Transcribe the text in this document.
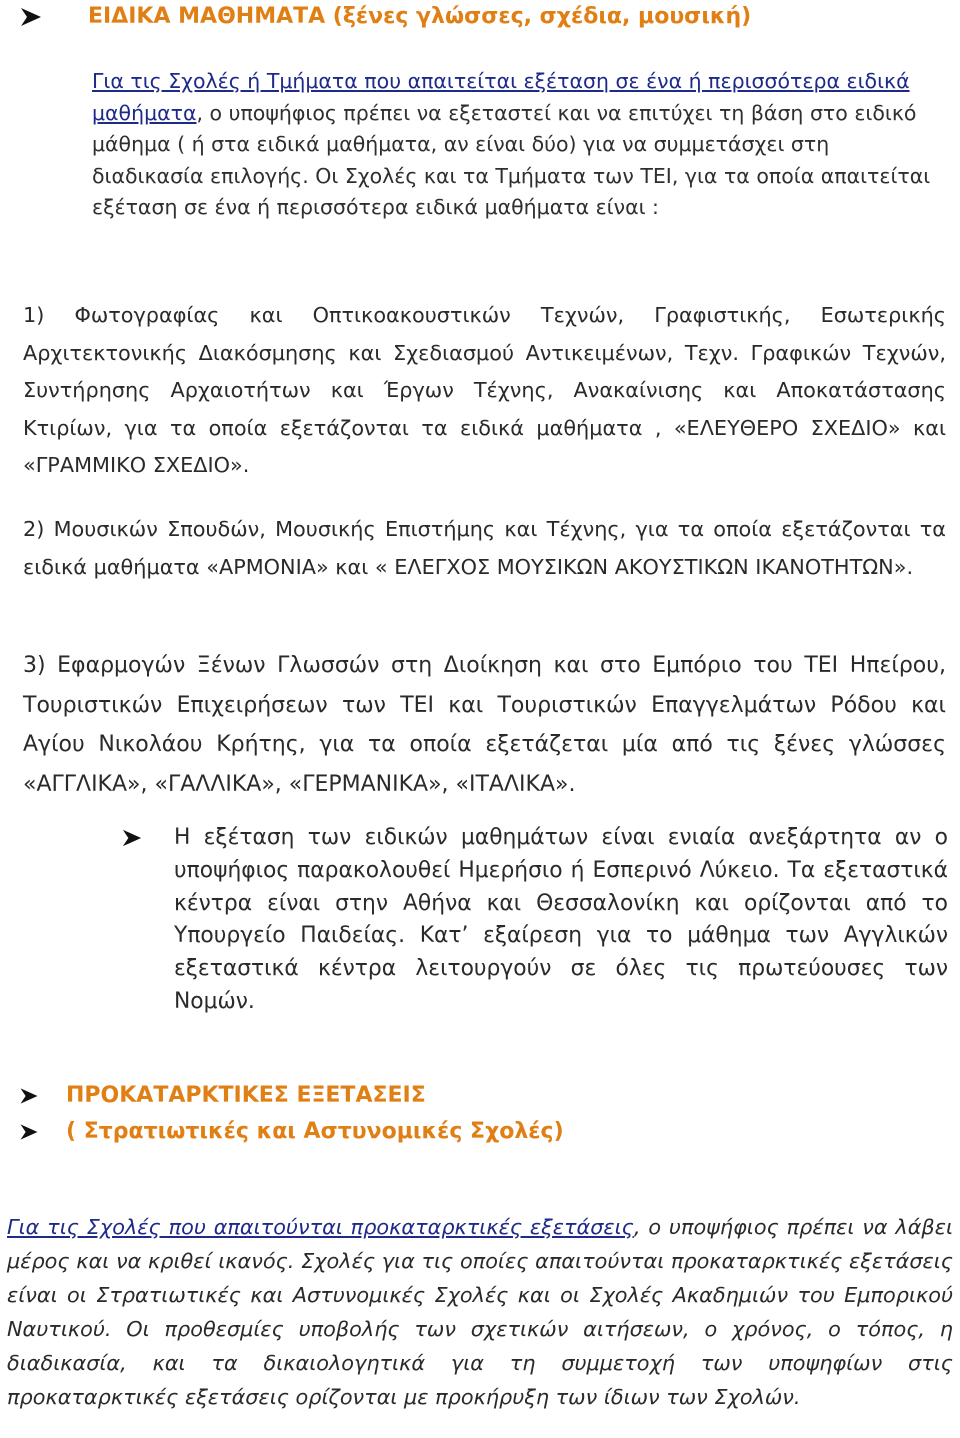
ΕΙΔΙΚΑ ΜΑΘΗΜΑΤΑ (ξένες γλώσσες, σχέδια, μουσική)
Για τις Σχολές ή Τμήματα που απαιτείται εξέταση σε ένα ή περισσότερα ειδικά μαθήματα, ο υποψήφιος πρέπει να εξεταστεί και να επιτύχει τη βάση στο ειδικό μάθημα ( ή στα ειδικά μαθήματα, αν είναι δύο) για να συμμετάσχει στη διαδικασία επιλογής. Οι Σχολές και τα Τμήματα των ΤΕΙ, για τα οποία απαιτείται εξέταση σε ένα ή περισσότερα ειδικά μαθήματα είναι :
1) Φωτογραφίας και Οπτικοακουστικών Τεχνών, Γραφιστικής, Εσωτερικής Αρχιτεκτονικής Διακόσμησης και Σχεδιασμού Αντικειμένων, Τεχν. Γραφικών Τεχνών, Συντήρησης Αρχαιοτήτων και Έργων Τέχνης, Ανακαίνισης και Αποκατάστασης Κτιρίων, για τα οποία εξετάζονται τα ειδικά μαθήματα , «ΕΛΕΥΘΕΡΟ ΣΧΕΔΙΟ» και «ΓΡΑΜΜΙΚΟ ΣΧΕΔΙΟ».
2) Μουσικών Σπουδών, Μουσικής Επιστήμης και Τέχνης, για τα οποία εξετάζονται τα ειδικά μαθήματα «ΑΡΜΟΝΙΑ» και « ΕΛΕΓΧΟΣ ΜΟΥΣΙΚΩΝ ΑΚΟΥΣΤΙΚΩΝ ΙΚΑΝΟΤΗΤΩΝ».
3) Εφαρμογών Ξένων Γλωσσών στη Διοίκηση και στο Εμπόριο του ΤΕΙ Ηπείρου, Τουριστικών Επιχειρήσεων των ΤΕΙ και Τουριστικών Επαγγελμάτων Ρόδου και Αγίου Νικολάου Κρήτης, για τα οποία εξετάζεται μία από τις ξένες γλώσσες «ΑΓΓΛΙΚΑ», «ΓΑΛΛΙΚΑ», «ΓΕΡΜΑΝΙΚΑ», «ΙΤΑΛΙΚΑ».
Η εξέταση των ειδικών μαθημάτων είναι ενιαία ανεξάρτητα αν ο υποψήφιος παρακολουθεί Ημερήσιο ή Εσπερινό Λύκειο. Τα εξεταστικά κέντρα είναι στην Αθήνα και Θεσσαλονίκη και ορίζονται από το Υπουργείο Παιδείας. Κατ’ εξαίρεση για το μάθημα των Αγγλικών εξεταστικά κέντρα λειτουργούν σε όλες τις πρωτεύουσες των Νομών.
ΠΡΟΚΑΤΑΡΚΤΙΚΕΣ ΕΞΕΤΑΣΕΙΣ
( Στρατιωτικές και Αστυνομικές Σχολές)
Για τις Σχολές που απαιτούνται προκαταρκτικές εξετάσεις, ο υποψήφιος πρέπει να λάβει μέρος και να κριθεί ικανός. Σχολές για τις οποίες απαιτούνται προκαταρκτικές εξετάσεις είναι οι Στρατιωτικές και Αστυνομικές Σχολές και οι Σχολές Ακαδημιών του Εμπορικού Ναυτικού. Οι προθεσμίες υποβολής των σχετικών αιτήσεων, ο χρόνος, ο τόπος, η διαδικασία, και τα δικαιολογητικά για τη συμμετοχή των υποψηφίων στις προκαταρκτικές εξετάσεις ορίζονται με προκήρυξη των ίδιων των Σχολών.
